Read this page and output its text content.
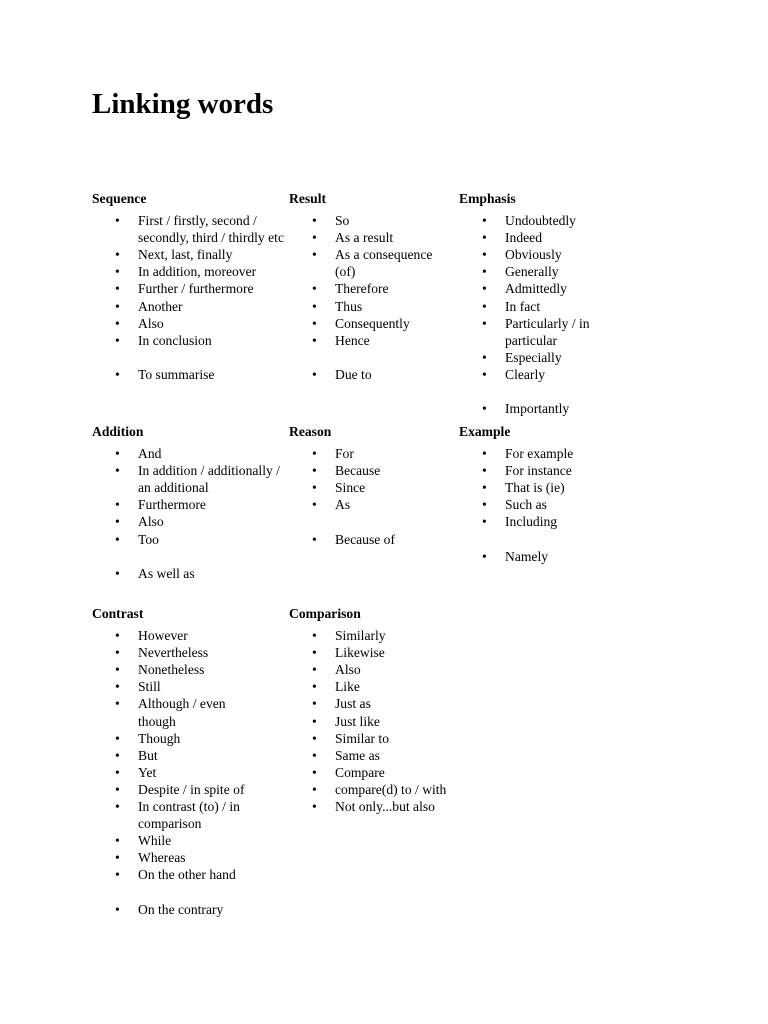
Linking words
Sequence
• First / firstly, second / secondly, third / thirdly etc
• Next, last, finally
• In addition, moreover
• Further / furthermore
• Another
• Also
• In conclusion
• To summarise
Result
• So
• As a result
• As a consequence (of)
• Therefore
• Thus
• Consequently
• Hence
• Due to
Emphasis
• Undoubtedly
• Indeed
• Obviously
• Generally
• Admittedly
• In fact
• Particularly / in particular
• Especially
• Clearly
• Importantly
Addition
• And
• In addition / additionally / an additional
• Furthermore
• Also
• Too
• As well as
Reason
• For
• Because
• Since
• As
• Because of
Example
• For example
• For instance
• That is (ie)
• Such as
• Including
• Namely
Contrast
• However
• Nevertheless
• Nonetheless
• Still
• Although / even though
• Though
• But
• Yet
• Despite / in spite of
• In contrast (to) / in comparison
• While
• Whereas
• On the other hand
• On the contrary
Comparison
• Similarly
• Likewise
• Also
• Like
• Just as
• Just like
• Similar to
• Same as
• Compare
• compare(d) to / with
• Not only...but also
